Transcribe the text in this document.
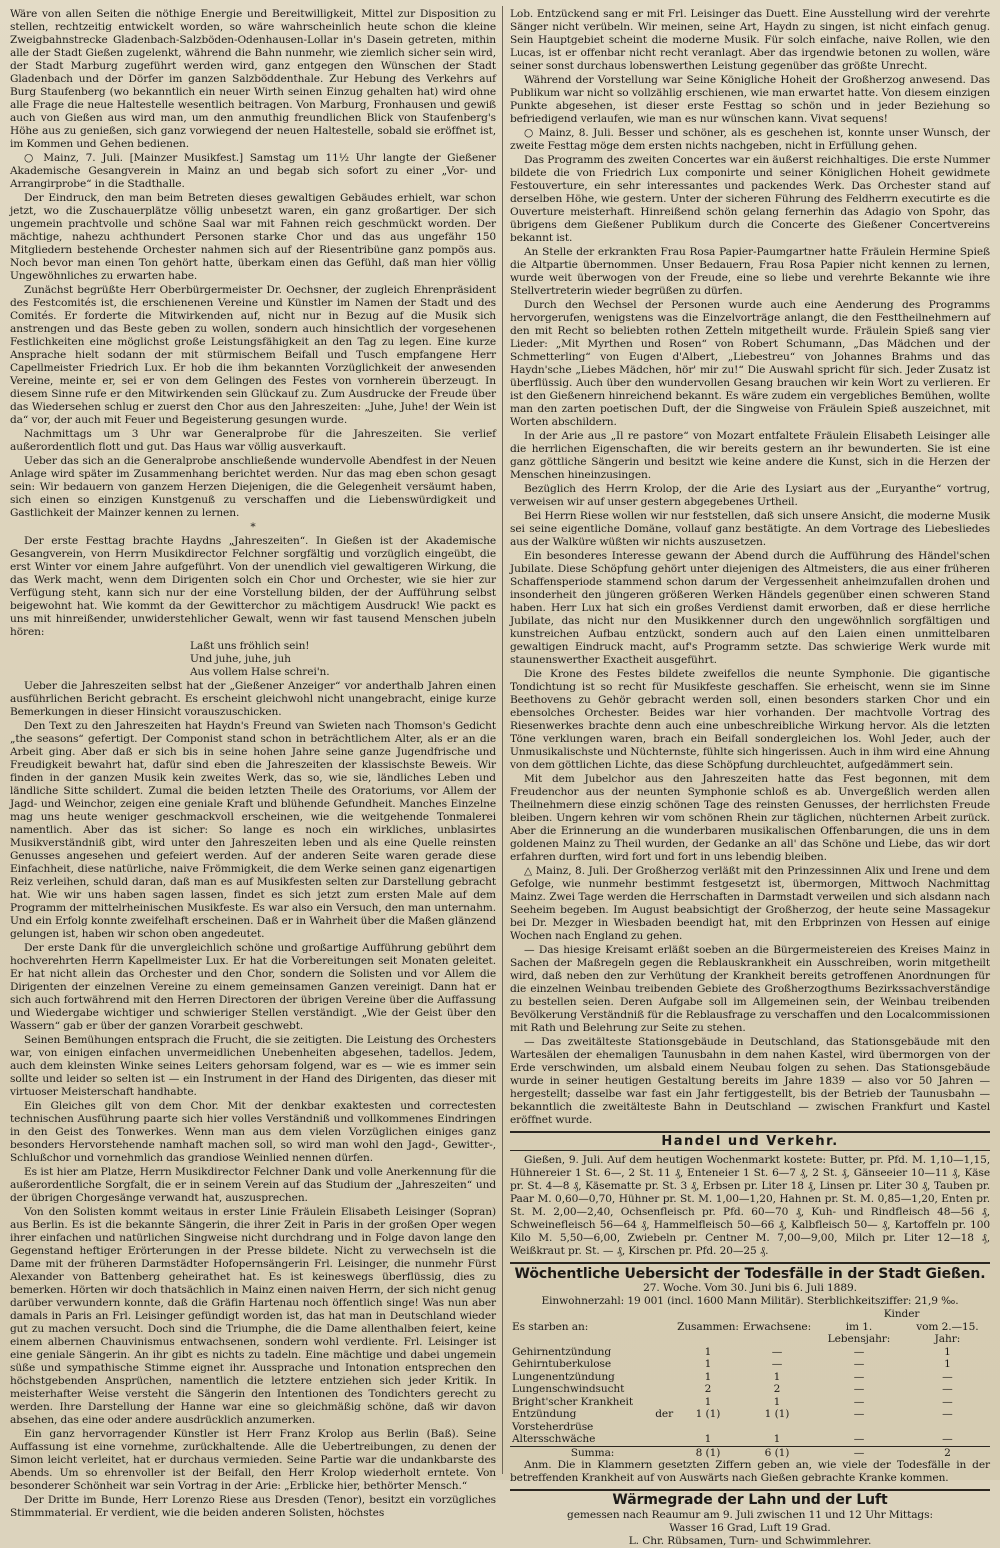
Wäre von allen Seiten die nöthige Energie und Bereitwilligkeit, Mittel zur Disposition zu stellen, rechtzeitig entwickelt worden, so wäre wahrscheinlich heute schon die kleine Zweigbahnstrecke Gladenbach-Salzböden-Odenhausen-Lollar in's Dasein getreten, mithin alle der Stadt Gießen zugelenkt, während die Bahn nunmehr, wie ziemlich sicher sein wird, der Stadt Marburg zugeführt werden wird, ganz entgegen den Wünschen der Stadt Gladenbach und der Dörfer im ganzen Salzböddenthale. Zur Hebung des Verkehrs auf Burg Staufenberg (wo bekanntlich ein neuer Wirth seinen Einzug gehalten hat) wird ohne alle Frage die neue Haltestelle wesentlich beitragen. Von Marburg, Fronhausen und gewiß auch von Gießen aus wird man, um den anmuthig freundlichen Blick von Staufenberg's Höhe aus zu genießen, sich ganz vorwiegend der neuen Haltestelle, sobald sie eröffnet ist, im Kommen und Gehen bedienen.

○ Mainz, 7. Juli. [Mainzer Musikfest.] Samstag um 11½ Uhr langte der Gießener Akademische Gesangverein in Mainz an und begab sich sofort zu einer „Vor- und Arrangirprobe“ in die Stadthalle.

Der Eindruck, den man beim Betreten dieses gewaltigen Gebäudes erhielt, war schon jetzt, wo die Zuschauerplätze völlig unbesetzt waren, ein ganz großartiger. Der sich ungemein prachtvolle und schöne Saal war mit Fahnen reich geschmückt worden. Der mächtige, nahezu achthundert Personen starke Chor und das aus ungefähr 150 Mitgliedern bestehende Orchester nahmen sich auf der Riesentribüne ganz pompös aus. Noch bevor man einen Ton gehört hatte, überkam einen das Gefühl, daß man hier völlig Ungewöhnliches zu erwarten habe.

Zunächst begrüßte Herr Oberbürgermeister Dr. Oechsner, der zugleich Ehrenpräsident des Festcomités ist, die erschienenen Vereine und Künstler im Namen der Stadt und des Comités. Er forderte die Mitwirkenden auf, nicht nur in Bezug auf die Musik sich anstrengen und das Beste geben zu wollen, sondern auch hinsichtlich der vorgesehenen Festlichkeiten eine möglichst große Leistungsfähigkeit an den Tag zu legen. Eine kurze Ansprache hielt sodann der mit stürmischem Beifall und Tusch empfangene Herr Capellmeister Friedrich Lux. Er hob die ihm bekannten Vorzüglichkeit der anwesenden Vereine, meinte er, sei er von dem Gelingen des Festes von vornherein überzeugt. In diesem Sinne rufe er den Mitwirkenden sein Glückauf zu. Zum Ausdrucke der Freude über das Wiedersehen schlug er zuerst den Chor aus den Jahreszeiten: „Juhe, Juhe! der Wein ist da“ vor, der auch mit Feuer und Begeisterung gesungen wurde.

Nachmittags um 3 Uhr war Generalprobe für die Jahreszeiten. Sie verlief außerordentlich flott und gut. Das Haus war völlig ausverkauft.

Ueber das sich an die Generalprobe anschließende wundervolle Abendfest in der Neuen Anlage wird später im Zusammenhang berichtet werden. Nur das mag eben schon gesagt sein: Wir bedauern von ganzem Herzen Diejenigen, die die Gelegenheit versäumt haben, sich einen so einzigen Kunstgenuß zu verschaffen und die Liebenswürdigkeit und Gastlichkeit der Mainzer kennen zu lernen.

*

Der erste Festtag brachte Haydns „Jahreszeiten“. In Gießen ist der Akademische Gesangverein, von Herrn Musikdirector Felchner sorgfältig und vorzüglich eingeübt, die erst Winter vor einem Jahre aufgeführt. Von der unendlich viel gewaltigeren Wirkung, die das Werk macht, wenn dem Dirigenten solch ein Chor und Orchester, wie sie hier zur Verfügung steht, kann sich nur der eine Vorstellung bilden, der der Aufführung selbst beigewohnt hat. Wie kommt da der Gewitterchor zu mächtigem Ausdruck! Wie packt es uns mit hinreißender, unwiderstehlicher Gewalt, wenn wir fast tausend Menschen jubeln hören:

Laßt uns fröhlich sein!
Und juhe, juhe, juh
Aus vollem Halse schrei'n.

Ueber die Jahreszeiten selbst hat der „Gießener Anzeiger“ vor anderthalb Jahren einen ausführlichen Bericht gebracht. Es erscheint gleichwohl nicht unangebracht, einige kurze Bemerkungen in dieser Hinsicht vorauszuschicken.

Den Text zu den Jahreszeiten hat Haydn's Freund van Swieten nach Thomson's Gedicht „the seasons“ gefertigt. Der Componist stand schon in beträchtlichem Alter, als er an die Arbeit ging. Aber daß er sich bis in seine hohen Jahre seine ganze Jugendfrische und Freudigkeit bewahrt hat, dafür sind eben die Jahreszeiten der klassischste Beweis. Wir finden in der ganzen Musik kein zweites Werk, das so, wie sie, ländliches Leben und ländliche Sitte schildert. Zumal die beiden letzten Theile des Oratoriums, vor Allem der Jagd- und Weinchor, zeigen eine geniale Kraft und blühende Gefundheit. Manches Einzelne mag uns heute weniger geschmackvoll erscheinen, wie die weitgehende Tonmalerei namentlich. Aber das ist sicher: So lange es noch ein wirkliches, unblasirtes Musikverständniß gibt, wird unter den Jahreszeiten leben und als eine Quelle reinsten Genusses angesehen und gefeiert werden. Auf der anderen Seite waren gerade diese Einfachheit, diese natürliche, naive Frömmigkeit, die dem Werke seinen ganz eigenartigen Reiz verleihen, schuld daran, daß man es auf Musikfesten selten zur Darstellung gebracht hat. Wie wir uns haben sagen lassen, findet es sich jetzt zum ersten Male auf dem Programm der mittelrheinischen Musikfeste. Es war also ein Versuch, den man unternahm. Und ein Erfolg konnte zweifelhaft erscheinen. Daß er in Wahrheit über die Maßen glänzend gelungen ist, haben wir schon oben angedeutet.

Der erste Dank für die unvergleichlich schöne und großartige Aufführung gebührt dem hochverehrten Herrn Kapellmeister Lux. Er hat die Vorbereitungen seit Monaten geleitet. Er hat nicht allein das Orchester und den Chor, sondern die Solisten und vor Allem die Dirigenten der einzelnen Vereine zu einem gemeinsamen Ganzen vereinigt. Dann hat er sich auch fortwährend mit den Herren Directoren der übrigen Vereine über die Auffassung und Wiedergabe wichtiger und schwieriger Stellen verständigt. „Wie der Geist über den Wassern“ gab er über der ganzen Vorarbeit geschwebt.

Seinen Bemühungen entsprach die Frucht, die sie zeitigten. Die Leistung des Orchesters war, von einigen einfachen unvermeidlichen Unebenheiten abgesehen, tadellos. Jedem, auch dem kleinsten Winke seines Leiters gehorsam folgend, war es — wie es immer sein sollte und leider so selten ist — ein Instrument in der Hand des Dirigenten, das dieser mit virtuoser Meisterschaft handhabte.

Ein Gleiches gilt von dem Chor. Mit der denkbar exaktesten und correctesten technischen Ausführung paarte sich hier volles Verständniß und vollkommenes Eindringen in den Geist des Tonwerkes. Wenn man aus dem vielen Vorzüglichen einiges ganz besonders Hervorstehende namhaft machen soll, so wird man wohl den Jagd-, Gewitter-, Schlußchor und vornehmlich das grandiose Weinlied nennen dürfen.

Es ist hier am Platze, Herrn Musikdirector Felchner Dank und volle Anerkennung für die außerordentliche Sorgfalt, die er in seinem Verein auf das Studium der „Jahreszeiten“ und der übrigen Chorgesänge verwandt hat, auszusprechen.

Von den Solisten kommt weitaus in erster Linie Fräulein Elisabeth Leisinger (Sopran) aus Berlin. Es ist die bekannte Sängerin, die ihrer Zeit in Paris in der großen Oper wegen ihrer einfachen und natürlichen Singweise nicht durchdrang und in Folge davon lange den Gegenstand heftiger Erörterungen in der Presse bildete. Nicht zu verwechseln ist die Dame mit der früheren Darmstädter Hofopernsängerin Frl. Leisinger, die nunmehr Fürst Alexander von Battenberg geheirathet hat. Es ist keineswegs überflüssig, dies zu bemerken. Hörten wir doch thatsächlich in Mainz einen naiven Herrn, der sich nicht genug darüber verwundern konnte, daß die Gräfin Hartenau noch öffentlich singe! Was nun aber damals in Paris an Frl. Leisinger gefündigt worden ist, das hat man in Deutschland wieder gut zu machen versucht. Doch sind die Triumphe, die die Dame allenthalben feiert, keine einem albernen Chauvinismus entwachsenen, sondern wohl verdiente. Frl. Leisinger ist eine geniale Sängerin. An ihr gibt es nichts zu tadeln. Eine mächtige und dabei ungemein süße und sympathische Stimme eignet ihr. Aussprache und Intonation entsprechen den höchstgebenden Ansprüchen, namentlich die letztere entziehen sich jeder Kritik. In meisterhafter Weise versteht die Sängerin den Intentionen des Tondichters gerecht zu werden. Ihre Darstellung der Hanne war eine so gleichmäßig schöne, daß wir davon absehen, das eine oder andere ausdrücklich anzumerken.

Ein ganz hervorragender Künstler ist Herr Franz Krolop aus Berlin (Baß). Seine Auffassung ist eine vornehme, zurückhaltende. Alle die Uebertreibungen, zu denen der Simon leicht verleitet, hat er durchaus vermieden. Seine Partie war die undankbarste des Abends. Um so ehrenvoller ist der Beifall, den Herr Krolop wiederholt erntete. Von besonderer Schönheit war sein Vortrag in der Arie: „Erblicke hier, bethörter Mensch.“

Der Dritte im Bunde, Herr Lorenzo Riese aus Dresden (Tenor), besitzt ein vorzügliches Stimmmaterial. Er verdient, wie die beiden anderen Solisten, höchstes

Lob. Entzückend sang er mit Frl. Leisinger das Duett. Eine Ausstellung wird der verehrte Sänger nicht verübeln. Wir meinen, seine Art, Haydn zu singen, ist nicht einfach genug. Sein Hauptgebiet scheint die moderne Musik. Für solch einfache, naive Rollen, wie den Lucas, ist er offenbar nicht recht veranlagt. Aber das irgendwie betonen zu wollen, wäre seiner sonst durchaus lobenswerthen Leistung gegenüber das größte Unrecht.

Während der Vorstellung war Seine Königliche Hoheit der Großherzog anwesend. Das Publikum war nicht so vollzählig erschienen, wie man erwartet hatte. Von diesem einzigen Punkte abgesehen, ist dieser erste Festtag so schön und in jeder Beziehung so befriedigend verlaufen, wie man es nur wünschen kann. Vivat sequens!

○ Mainz, 8. Juli. Besser und schöner, als es geschehen ist, konnte unser Wunsch, der zweite Festtag möge dem ersten nichts nachgeben, nicht in Erfüllung gehen.

Das Programm des zweiten Concertes war ein äußerst reichhaltiges. Die erste Nummer bildete die von Friedrich Lux componirte und seiner Königlichen Hoheit gewidmete Festouverture, ein sehr interessantes und packendes Werk. Das Orchester stand auf derselben Höhe, wie gestern. Unter der sicheren Führung des Feldherrn executirte es die Ouverture meisterhaft. Hinreißend schön gelang fernerhin das Adagio von Spohr, das übrigens dem Gießener Publikum durch die Concerte des Gießener Concertvereins bekannt ist.

An Stelle der erkrankten Frau Rosa Papier-Paumgartner hatte Fräulein Hermine Spieß die Altpartie übernommen. Unser Bedauern, Frau Rosa Papier nicht kennen zu lernen, wurde weit überwogen von der Freude, eine so liebe und verehrte Bekannte wie ihre Stellvertreterin wieder begrüßen zu dürfen.

Durch den Wechsel der Personen wurde auch eine Aenderung des Programms hervorgerufen, wenigstens was die Einzelvorträge anlangt, die den Festtheilnehmern auf den mit Recht so beliebten rothen Zetteln mitgetheilt wurde. Fräulein Spieß sang vier Lieder: „Mit Myrthen und Rosen“ von Robert Schumann, „Das Mädchen und der Schmetterling“ von Eugen d'Albert, „Liebestreu“ von Johannes Brahms und das Haydn'sche „Liebes Mädchen, hör' mir zu!“ Die Auswahl spricht für sich. Jeder Zusatz ist überflüssig. Auch über den wundervollen Gesang brauchen wir kein Wort zu verlieren. Er ist den Gießenern hinreichend bekannt. Es wäre zudem ein vergebliches Bemühen, wollte man den zarten poetischen Duft, der die Singweise von Fräulein Spieß auszeichnet, mit Worten abschildern.

In der Arie aus „Il re pastore“ von Mozart entfaltete Fräulein Elisabeth Leisinger alle die herrlichen Eigenschaften, die wir bereits gestern an ihr bewunderten. Sie ist eine ganz göttliche Sängerin und besitzt wie keine andere die Kunst, sich in die Herzen der Menschen hineinzusingen.

Bezüglich des Herrn Krolop, der die Arie des Lysiart aus der „Euryanthe“ vortrug, verweisen wir auf unser gestern abgegebenes Urtheil.

Bei Herrn Riese wollen wir nur feststellen, daß sich unsere Ansicht, die moderne Musik sei seine eigentliche Domäne, vollauf ganz bestätigte. An dem Vortrage des Liebesliedes aus der Walküre wüßten wir nichts auszusetzen.

Ein besonderes Interesse gewann der Abend durch die Aufführung des Händel'schen Jubilate. Diese Schöpfung gehört unter diejenigen des Altmeisters, die aus einer früheren Schaffensperiode stammend schon darum der Vergessenheit anheimzufallen drohen und insonderheit den jüngeren größeren Werken Händels gegenüber einen schweren Stand haben. Herr Lux hat sich ein großes Verdienst damit erworben, daß er diese herrliche Jubilate, das nicht nur den Musikkenner durch den ungewöhnlich sorgfältigen und kunstreichen Aufbau entzückt, sondern auch auf den Laien einen unmittelbaren gewaltigen Eindruck macht, auf's Programm setzte. Das schwierige Werk wurde mit staunenswerther Exactheit ausgeführt.

Die Krone des Festes bildete zweifellos die neunte Symphonie. Die gigantische Tondichtung ist so recht für Musikfeste geschaffen. Sie erheischt, wenn sie im Sinne Beethovens zu Gehör gebracht werden soll, einen besonders starken Chor und ein ebensolches Orchester. Beides war hier vorhanden. Der machtvolle Vortrag des Riesenwerkes brachte denn auch eine unbeschreibliche Wirkung hervor. Als die letzten Töne verklungen waren, brach ein Beifall sondergleichen los. Wohl Jeder, auch der Unmusikalischste und Nüchternste, fühlte sich hingerissen. Auch in ihm wird eine Ahnung von dem göttlichen Lichte, das diese Schöpfung durchleuchtet, aufgedämmert sein.

Mit dem Jubelchor aus den Jahreszeiten hatte das Fest begonnen, mit dem Freudenchor aus der neunten Symphonie schloß es ab. Unvergeßlich werden allen Theilnehmern diese einzig schönen Tage des reinsten Genusses, der herrlichsten Freude bleiben. Ungern kehren wir vom schönen Rhein zur täglichen, nüchternen Arbeit zurück. Aber die Erinnerung an die wunderbaren musikalischen Offenbarungen, die uns in dem goldenen Mainz zu Theil wurden, der Gedanke an all' das Schöne und Liebe, das wir dort erfahren durften, wird fort und fort in uns lebendig bleiben.

△ Mainz, 8. Juli. Der Großherzog verläßt mit den Prinzessinnen Alix und Irene und dem Gefolge, wie nunmehr bestimmt festgesetzt ist, übermorgen, Mittwoch Nachmittag Mainz. Zwei Tage werden die Herrschaften in Darmstadt verweilen und sich alsdann nach Seeheim begeben. Im August beabsichtigt der Großherzog, der heute seine Massagekur bei Dr. Mezger in Wiesbaden beendigt hat, mit den Erbprinzen von Hessen auf einige Wochen nach England zu gehen.

— Das hiesige Kreisamt erläßt soeben an die Bürgermeistereien des Kreises Mainz in Sachen der Maßregeln gegen die Reblauskrankheit ein Ausschreiben, worin mitgetheilt wird, daß neben den zur Verhütung der Krankheit bereits getroffenen Anordnungen für die einzelnen Weinbau treibenden Gebiete des Großherzogthums Bezirkssachverständige zu bestellen seien. Deren Aufgabe soll im Allgemeinen sein, der Weinbau treibenden Bevölkerung Verständniß für die Reblausfrage zu verschaffen und den Localcommissionen mit Rath und Belehrung zur Seite zu stehen.

— Das zweitälteste Stationsgebäude in Deutschland, das Stationsgebäude mit den Wartesälen der ehemaligen Taunusbahn in dem nahen Kastel, wird übermorgen von der Erde verschwinden, um alsbald einem Neubau folgen zu sehen. Das Stationsgebäude wurde in seiner heutigen Gestaltung bereits im Jahre 1839 — also vor 50 Jahren — hergestellt; dasselbe war fast ein Jahr fertiggestellt, bis der Betrieb der Taunusbahn — bekanntlich die zweitälteste Bahn in Deutschland — zwischen Frankfurt und Kastel eröffnet wurde.

Handel und Verkehr.

Gießen, 9. Juli. Auf dem heutigen Wochenmarkt kostete: Butter, pr. Pfd. M. 1,10—1,15, Hühnereier 1 St. 6—, 2 St. 11 ₰, Enteneier 1 St. 6—7 ₰, 2 St. ₰, Gänseeier 10—11 ₰, Käse pr. St. 4—8 ₰, Käsematte pr. St. 3 ₰, Erbsen pr. Liter 18 ₰, Linsen pr. Liter 30 ₰, Tauben pr. Paar M. 0,60—0,70, Hühner pr. St. M. 1,00—1,20, Hahnen pr. St. M. 0,85—1,20, Enten pr. St. M. 2,00—2,40, Ochsenfleisch pr. Pfd. 60—70 ₰, Kuh- und Rindfleisch 48—56 ₰, Schweinefleisch 56—64 ₰, Hammelfleisch 50—66 ₰, Kalbfleisch 50— ₰, Kartoffeln pr. 100 Kilo M. 5,50—6,00, Zwiebeln pr. Centner M. 7,00—9,00, Milch pr. Liter 12—18 ₰, Weißkraut pr. St. — ₰, Kirschen pr. Pfd. 20—25 ₰.

Wöchentliche Uebersicht der Todesfälle in der Stadt Gießen.
27. Woche. Vom 30. Juni bis 6. Juli 1889.
Einwohnerzahl: 19 001 (incl. 1600 Mann Militär). Sterblichkeitsziffer: 21,9 ‰.
			Kinder	
Es starben an:	Zusammen:	Erwachsene:	im 1. Lebensjahr:	vom 2.—15. Jahr:
Gehirnentzündung	1	—	—	1
Gehirntuberkulose	1	—	—	1
Lungenentzündung	1	1	—	—
Lungenschwindsucht	2	2	—	—
Bright'scher Krankheit	1	1	—	—
Entzündung der Vorsteherdrüse	1 (1)	1 (1)	—	—
Altersschwäche	1	1	—	—
Summa:	8 (1)	6 (1)	—	2

Anm. Die in Klammern gesetzten Ziffern geben an, wie viele der Todesfälle in der betreffenden Krankheit auf von Auswärts nach Gießen gebrachte Kranke kommen.

Wärmegrade der Lahn und der Luft
gemessen nach Reaumur am 9. Juli zwischen 11 und 12 Uhr Mittags:
Wasser 16 Grad, Luft 19 Grad.
L. Chr. Rübsamen, Turn- und Schwimmlehrer.
